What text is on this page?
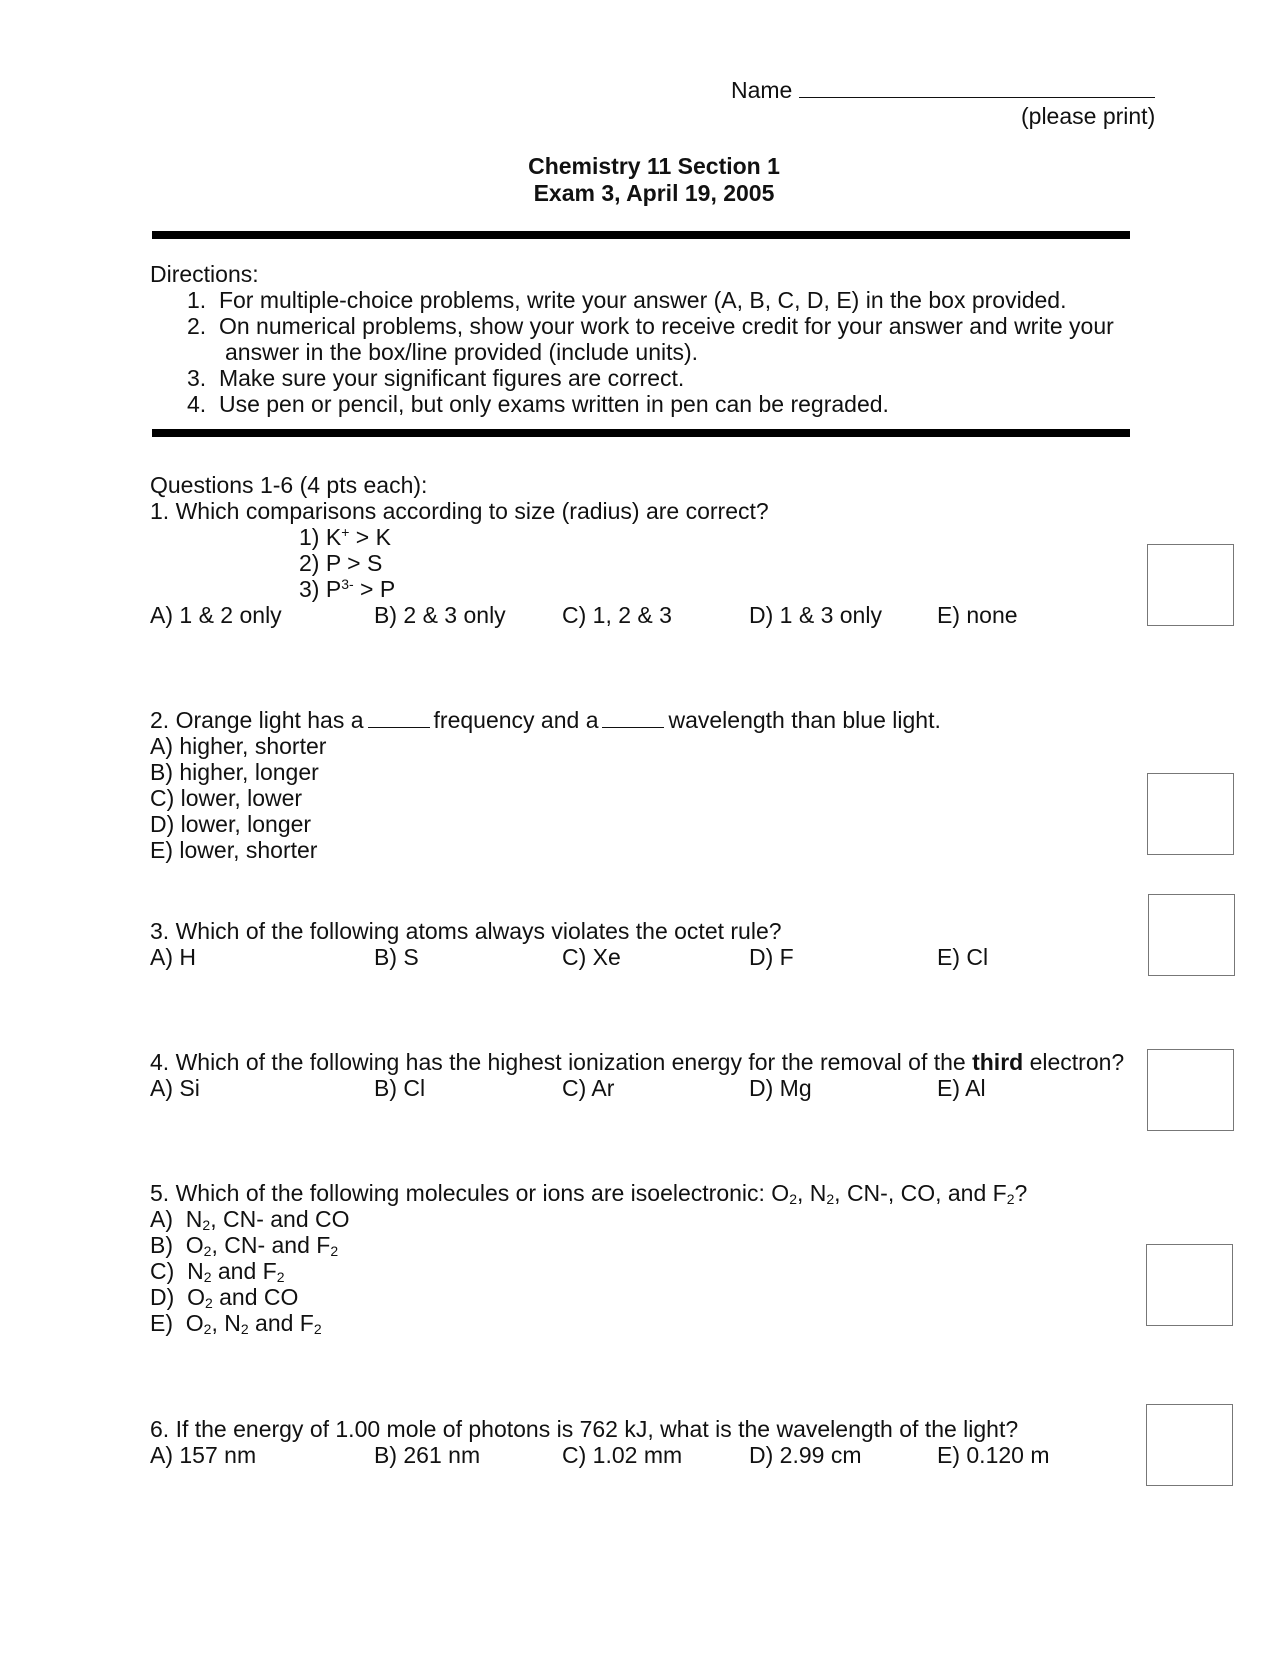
Name
(please print)
Chemistry 11 Section 1
Exam 3, April 19, 2005
Directions:
1. For multiple-choice problems, write your answer (A, B, C, D, E) in the box provided.
2. On numerical problems, show your work to receive credit for your answer and write your
answer in the box/line provided (include units).
3. Make sure your significant figures are correct.
4. Use pen or pencil, but only exams written in pen can be regraded.
Questions 1-6 (4 pts each):
1. Which comparisons according to size (radius) are correct?
1) K+ > K
2) P > S
3) $P^{3-} > P$
A) 1 & 2 only	B) 2 & 3 only C) 1, 2 & 3	D) 1 & 3 only E) none
2. Orange light has a	frequency and a	wavelength than blue light.
A) higher, shorter
B) higher, longer
C) lower, lower
D) lower, longer
E) lower, shorter
3. Which of the following atoms always violates the octet rule?
A) H	B) S	C) Xe	D) F	E) Cl
4. Which of the following has the highest ionization energy for the removal of the third electron?
A) Si	B) Cl	C) Ar	D) Mg	E) Al
5. Which of the following molecules or ions are isoelectronic: $O_2$, $N_2$, CN-, CO, and $F_2$?
A) $N_2$, CN- and CO
B) $O_2$, CN- and $F_2$
C) $N_2$ and $F_2$
D) $O_2$ and CO
E) $O_2$, $N_2$ and $F_2$
6. If the energy of 1.00 mole of photons is 762 kJ, what is the wavelength of the light?
A) 157 nm	B) 261 nm	C) 1.02 mm	D) 2.99 cm	E) 0.120 m
